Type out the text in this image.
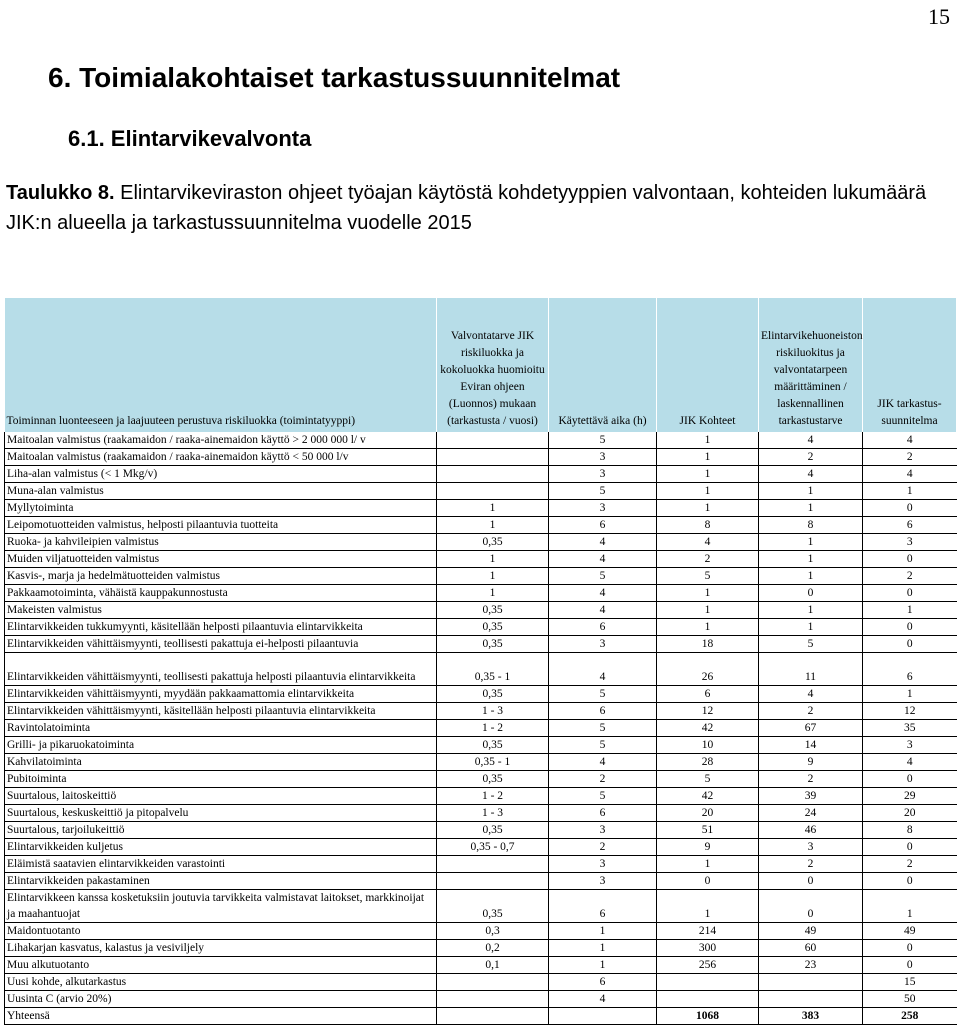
15
6. Toimialakohtaiset tarkastussuunnitelmat
6.1. Elintarvikevalvonta
Taulukko 8. Elintarvikeviraston ohjeet työajan käytöstä kohdetyyppien valvontaan, kohteiden lukumäärä JIK:n alueella ja tarkastussuunnitelma vuodelle 2015
Toiminnan luonteeseen ja laajuuteen perustuva riskiluokka (toimintatyyppi)	Valvontatarve JIK riskiluokka ja kokoluokka huomioitu Eviran ohjeen (Luonnos) mukaan (tarkastusta / vuosi)	Käytettävä aika (h)	JIK Kohteet	Elintarvikehuoneiston riskiluokitus ja valvontatarpeen määrittäminen / laskennallinen tarkastustarve	JIK tarkastus-suunnitelma
Maitoalan valmistus (raakamaidon / raaka-ainemaidon käyttö > 2 000 000 l/ v		5	1	4	4
Maitoalan valmistus (raakamaidon / raaka-ainemaidon käyttö < 50 000 l/v		3	1	2	2
Liha-alan valmistus (< 1 Mkg/v)		3	1	4	4
Muna-alan valmistus		5	1	1	1
Myllytoiminta	1	3	1	1	0
Leipomotuotteiden valmistus, helposti pilaantuvia tuotteita	1	6	8	8	6
Ruoka- ja kahvileipien valmistus	0,35	4	4	1	3
Muiden viljatuotteiden valmistus	1	4	2	1	0
Kasvis-, marja ja hedelmätuotteiden valmistus	1	5	5	1	2
Pakkaamotoiminta, vähäistä kauppakunnostusta	1	4	1	0	0
Makeisten valmistus	0,35	4	1	1	1
Elintarvikkeiden tukkumyynti, käsitellään helposti pilaantuvia elintarvikkeita	0,35	6	1	1	0
Elintarvikkeiden vähittäismyynti, teollisesti pakattuja ei-helposti pilaantuvia	0,35	3	18	5	0
Elintarvikkeiden vähittäismyynti, teollisesti pakattuja helposti pilaantuvia elintarvikkeita	0,35 - 1	4	26	11	6
Elintarvikkeiden vähittäismyynti, myydään pakkaamattomia elintarvikkeita	0,35	5	6	4	1
Elintarvikkeiden vähittäismyynti, käsitellään helposti pilaantuvia elintarvikkeita	1 - 3	6	12	2	12
Ravintolatoiminta	1 - 2	5	42	67	35
Grilli- ja pikaruokatoiminta	0,35	5	10	14	3
Kahvilatoiminta	0,35 - 1	4	28	9	4
Pubitoiminta	0,35	2	5	2	0
Suurtalous, laitoskeittiö	1 - 2	5	42	39	29
Suurtalous, keskuskeittiö ja pitopalvelu	1 - 3	6	20	24	20
Suurtalous, tarjoilukeittiö	0,35	3	51	46	8
Elintarvikkeiden kuljetus	0,35 - 0,7	2	9	3	0
Eläimistä saatavien elintarvikkeiden varastointi		3	1	2	2
Elintarvikkeiden pakastaminen		3	0	0	0
Elintarvikkeen kanssa kosketuksiin joutuvia tarvikkeita valmistavat laitokset, markkinoijat ja maahantuojat	0,35	6	1	0	1
Maidontuotanto	0,3	1	214	49	49
Lihakarjan kasvatus, kalastus ja vesiviljely	0,2	1	300	60	0
Muu alkutuotanto	0,1	1	256	23	0
Uusi kohde, alkutarkastus		6			15
Uusinta C (arvio 20%)		4			50
Yhteensä			1068	383	258
